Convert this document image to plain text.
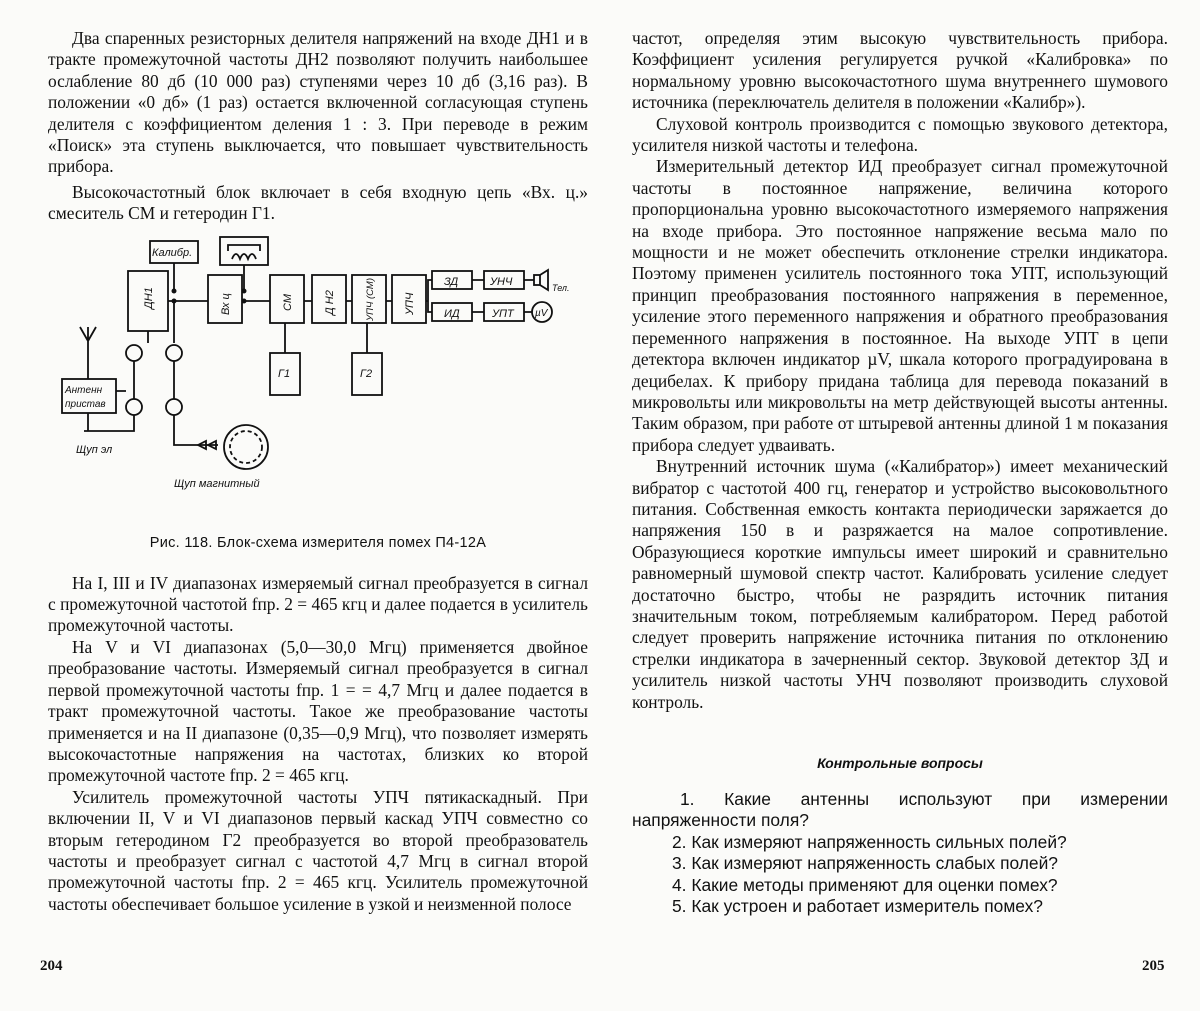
Два спаренных резисторных делителя напряжений на входе ДН1 и в тракте промежуточной частоты ДН2 позволяют получить наибольшее ослабление 80 дб (10 000 раз) ступенями через 10 дб (3,16 раз). В положении «0 дб» (1 раз) остается включенной согласующая ступень делителя с коэффициентом деления 1 : 3. При переводе в режим «Поиск» эта ступень выключается, что повышает чувствительность прибора.

Высокочастотный блок включает в себя входную цепь «Вх. ц.» смеситель СМ и гетеродин Г1.

Калибр.
ДН1	Вх ц	СМ	Д Н2	УПЧ (СМ)	УПЧ
ЗД	УНЧ
ИД	УПТ µV
Тел.
Г1	Г2
Антенн
пристав
Щуп эл
Щуп магнитный
Рис. 118. Блок-схема измерителя помех П4-12А

На I, III и IV диапазонах измеряемый сигнал преобразуется в сигнал с промежуточной частотой fпр. 2 = 465 кгц и далее подается в усилитель промежуточной частоты.

На V и VI диапазонах (5,0—30,0 Мгц) применяется двойное преобразование частоты. Измеряемый сигнал преобразуется в сигнал первой промежуточной частоты fпр. 1 = = 4,7 Мгц и далее подается в тракт промежуточной частоты. Такое же преобразование частоты применяется и на II диапазоне (0,35—0,9 Мгц), что позволяет измерять высокочастотные напряжения на частотах, близких ко второй промежуточной частоте fпр. 2 = 465 кгц.

Усилитель промежуточной частоты УПЧ пятикаскадный. При включении II, V и VI диапазонов первый каскад УПЧ совместно со вторым гетеродином Г2 преобразуется во второй преобразователь частоты и преобразует сигнал с частотой 4,7 Мгц в сигнал второй промежуточной частоты fпр. 2 = 465 кгц. Усилитель промежуточной частоты обеспечивает большое усиление в узкой и неизменной полосе

частот, определяя этим высокую чувствительность прибора. Коэффициент усиления регулируется ручкой «Калибровка» по нормальному уровню высокочастотного шума внутреннего шумового источника (переключатель делителя в положении «Калибр»).

Слуховой контроль производится с помощью звукового детектора, усилителя низкой частоты и телефона.

Измерительный детектор ИД преобразует сигнал промежуточной частоты в постоянное напряжение, величина которого пропорциональна уровню высокочастотного измеряемого напряжения на входе прибора. Это постоянное напряжение весьма мало по мощности и не может обеспечить отклонение стрелки индикатора. Поэтому применен усилитель постоянного тока УПТ, использующий принцип преобразования постоянного напряжения в переменное, усиление этого переменного напряжения и обратного преобразования переменного напряжения в постоянное. На выходе УПТ в цепи детектора включен индикатор µV, шкала которого проградуирована в децибелах. К прибору придана таблица для перевода показаний в микровольты или микровольты на метр действующей высоты антенны. Таким образом, при работе от штыревой антенны длиной 1 м показания прибора следует удваивать.

Внутренний источник шума («Калибратор») имеет механический вибратор с частотой 400 гц, генератор и устройство высоковольтного питания. Собственная емкость контакта периодически заряжается до напряжения 150 в и разряжается на малое сопротивление. Образующиеся короткие импульсы имеет широкий и сравнительно равномерный шумовой спектр частот. Калибровать усиление следует достаточно быстро, чтобы не разрядить источник питания значительным током, потребляемым калибратором. Перед работой следует проверить напряжение источника питания по отклонению стрелки индикатора в зачерненный сектор. Звуковой детектор ЗД и усилитель низкой частоты УНЧ позволяют производить слуховой контроль.

Контрольные вопросы

1. Какие антенны используют при измерении напряженности поля?

2. Как измеряют напряженность сильных полей?

3. Как измеряют напряженность слабых полей?

4. Какие методы применяют для оценки помех?

5. Как устроен и работает измеритель помех?

204	205
